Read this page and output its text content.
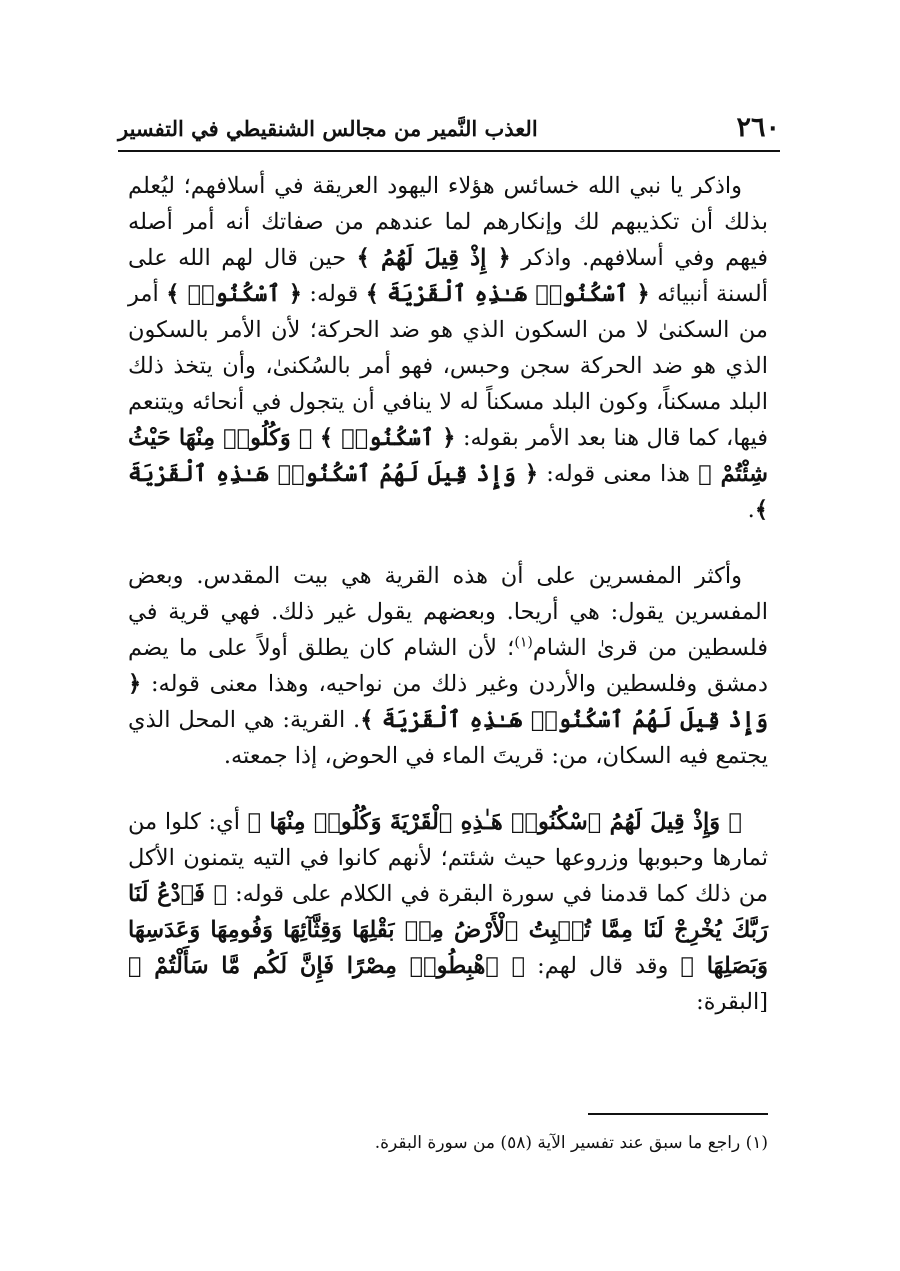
٢٦٠
العذب النَّمير من مجالس الشنقيطي في التفسير

واذكر يا نبي الله خسائس هؤلاء اليهود العريقة في أسلافهم؛ ليُعلم بذلك أن تكذيبهم لك وإنكارهم لما عندهم من صفاتك أنه أمر أصله فيهم وفي أسلافهم. واذكر ﴿ إِذْ قِيلَ لَهُمُ ﴾ حين قال لهم الله على ألسنة أنبيائه ﴿ ٱسْكُنُوا۟ هَـٰذِهِ ٱلْقَرْيَةَ ﴾ قوله: ﴿ ٱسْكُنُوا۟ ﴾ أمر من السكنىٰ لا من السكون الذي هو ضد الحركة؛ لأن الأمر بالسكون الذي هو ضد الحركة سجن وحبس، فهو أمر بالسُكنىٰ، وأن يتخذ ذلك البلد مسكناً، وكون البلد مسكناً له لا ينافي أن يتجول في أنحائه ويتنعم فيها، كما قال هنا بعد الأمر بقوله: ﴿ ٱسْكُنُوا۟ ﴾ ﴿ وَكُلُوا۟ مِنْهَا حَيْثُ شِئْتُمْ ﴾ هذا معنى قوله: ﴿ وَإِذْ قِيلَ لَهُمُ ٱسْكُنُوا۟ هَـٰذِهِ ٱلْقَرْيَةَ ﴾.

وأكثر المفسرين على أن هذه القرية هي بيت المقدس. وبعض المفسرين يقول: هي أريحا. وبعضهم يقول غير ذلك. فهي قرية في فلسطين من قرىٰ الشام$^{(١)}$؛ لأن الشام كان يطلق أولاً على ما يضم دمشق وفلسطين والأردن وغير ذلك من نواحيه، وهذا معنى قوله: ﴿ وَإِذْ قِيلَ لَهُمُ ٱسْكُنُوا۟ هَـٰذِهِ ٱلْقَرْيَةَ ﴾. القرية: هي المحل الذي يجتمع فيه السكان، من: قريتَ الماء في الحوض، إذا جمعته.

﴿ وَإِذْ قِيلَ لَهُمُ ٱسْكُنُوا۟ هَـٰذِهِ ٱلْقَرْيَةَ وَكُلُوا۟ مِنْهَا ﴾ أي: كلوا من ثمارها وحبوبها وزروعها حيث شئتم؛ لأنهم كانوا في التيه يتمنون الأكل من ذلك كما قدمنا في سورة البقرة في الكلام على قوله: ﴿ فَٱدْعُ لَنَا رَبَّكَ يُخْرِجْ لَنَا مِمَّا تُنۢبِتُ ٱلْأَرْضُ مِنۢ بَقْلِهَا وَقِثَّآئِهَا وَفُومِهَا وَعَدَسِهَا وَبَصَلِهَا ﴾ وقد قال لهم: ﴿ ٱهْبِطُوا۟ مِصْرًا فَإِنَّ لَكُم مَّا سَأَلْتُمْ ﴾ [البقرة:

(١) راجع ما سبق عند تفسير الآية (٥٨) من سورة البقرة.
